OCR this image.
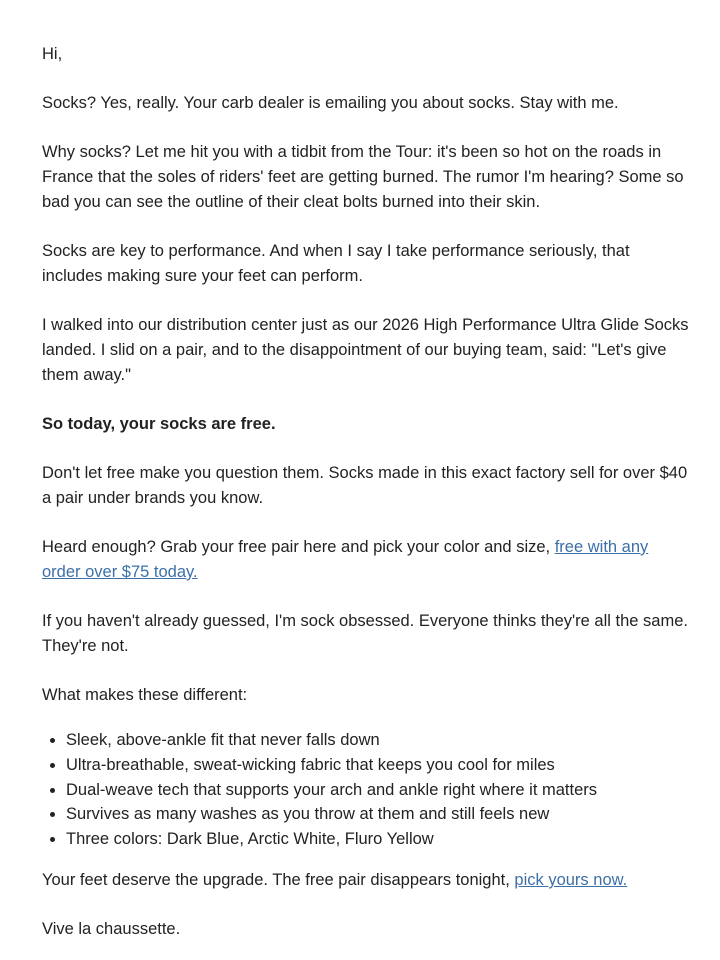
Hi,

Socks? Yes, really. Your carb dealer is emailing you about socks. Stay with me.

Why socks? Let me hit you with a tidbit from the Tour: it's been so hot on the roads in France that the soles of riders' feet are getting burned. The rumor I'm hearing? Some so bad you can see the outline of their cleat bolts burned into their skin.

Socks are key to performance. And when I say I take performance seriously, that includes making sure your feet can perform.

I walked into our distribution center just as our 2026 High Performance Ultra Glide Socks landed. I slid on a pair, and to the disappointment of our buying team, said: "Let's give them away."

So today, your socks are free.

Don't let free make you question them. Socks made in this exact factory sell for over $40 a pair under brands you know.

Heard enough? Grab your free pair here and pick your color and size, free with any order over $75 today.

If you haven't already guessed, I'm sock obsessed. Everyone thinks they're all the same. They're not.

What makes these different:

• Sleek, above-ankle fit that never falls down
• Ultra-breathable, sweat-wicking fabric that keeps you cool for miles
• Dual-weave tech that supports your arch and ankle right where it matters
• Survives as many washes as you throw at them and still feels new
• Three colors: Dark Blue, Arctic White, Fluro Yellow

Your feet deserve the upgrade. The free pair disappears tonight, pick yours now.

Vive la chaussette.
